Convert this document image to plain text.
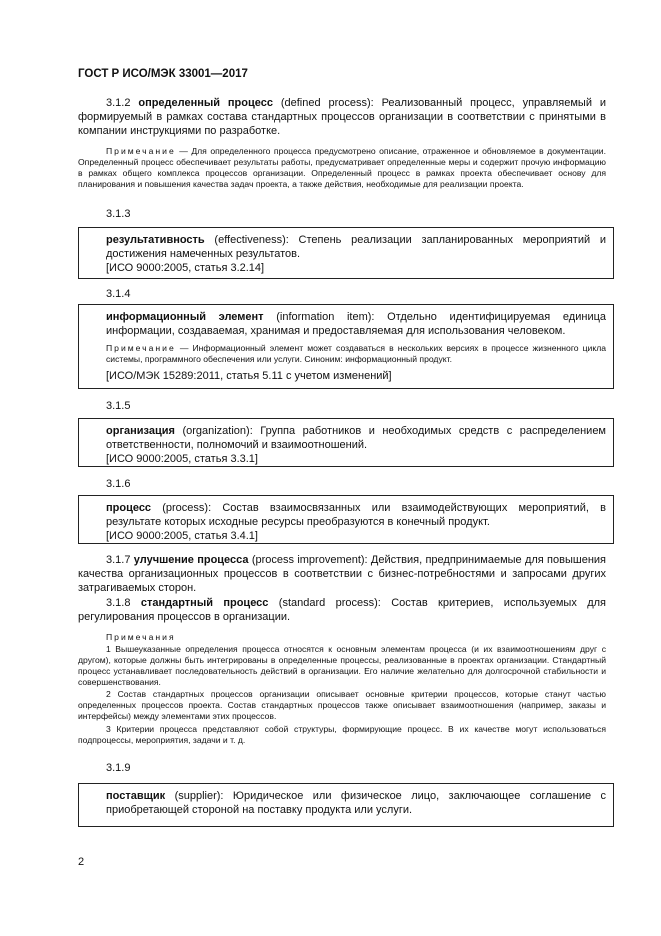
ГОСТ Р ИСО/МЭК 33001—2017

3.1.2 определенный процесс (defined process): Реализованный процесс, управляемый и формируемый в рамках состава стандартных процессов организации в соответствии с принятыми в компании инструкциями по разработке.

Примечание — Для определенного процесса предусмотрено описание, отраженное и обновляемое в документации. Определенный процесс обеспечивает результаты работы, предусматривает определенные меры и содержит прочую информацию в рамках общего комплекса процессов организации. Определенный процесс в рамках проекта обеспечивает основу для планирования и повышения качества задач проекта, а также действия, необходимые для реализации проекта.

3.1.3

результативность (effectiveness): Степень реализации запланированных мероприятий и достижения намеченных результатов.

[ИСО 9000:2005, статья 3.2.14]

3.1.4

информационный элемент (information item): Отдельно идентифицируемая единица информации, создаваемая, хранимая и предоставляемая для использования человеком.

Примечание — Информационный элемент может создаваться в нескольких версиях в процессе жизненного цикла системы, программного обеспечения или услуги. Синоним: информационный продукт.

[ИСО/МЭК 15289:2011, статья 5.11 с учетом изменений]

3.1.5

организация (organization): Группа работников и необходимых средств с распределением ответственности, полномочий и взаимоотношений.

[ИСО 9000:2005, статья 3.3.1]

3.1.6

процесс (process): Состав взаимосвязанных или взаимодействующих мероприятий, в результате которых исходные ресурсы преобразуются в конечный продукт.

[ИСО 9000:2005, статья 3.4.1]

3.1.7 улучшение процесса (process improvement): Действия, предпринимаемые для повышения качества организационных процессов в соответствии с бизнес-потребностями и запросами других затрагиваемых сторон.

3.1.8 стандартный процесс (standard process): Состав критериев, используемых для регулирования процессов в организации.

Примечания

1 Вышеуказанные определения процесса относятся к основным элементам процесса (и их взаимоотношениям друг с другом), которые должны быть интегрированы в определенные процессы, реализованные в проектах организации. Стандартный процесс устанавливает последовательность действий в организации. Его наличие желательно для долгосрочной стабильности и совершенствования.

2 Состав стандартных процессов организации описывает основные критерии процессов, которые станут частью определенных процессов проекта. Состав стандартных процессов также описывает взаимоотношения (например, заказы и интерфейсы) между элементами этих процессов.

3 Критерии процесса представляют собой структуры, формирующие процесс. В их качестве могут использоваться подпроцессы, мероприятия, задачи и т. д.

3.1.9

поставщик (supplier): Юридическое или физическое лицо, заключающее соглашение с приобретающей стороной на поставку продукта или услуги.

2
